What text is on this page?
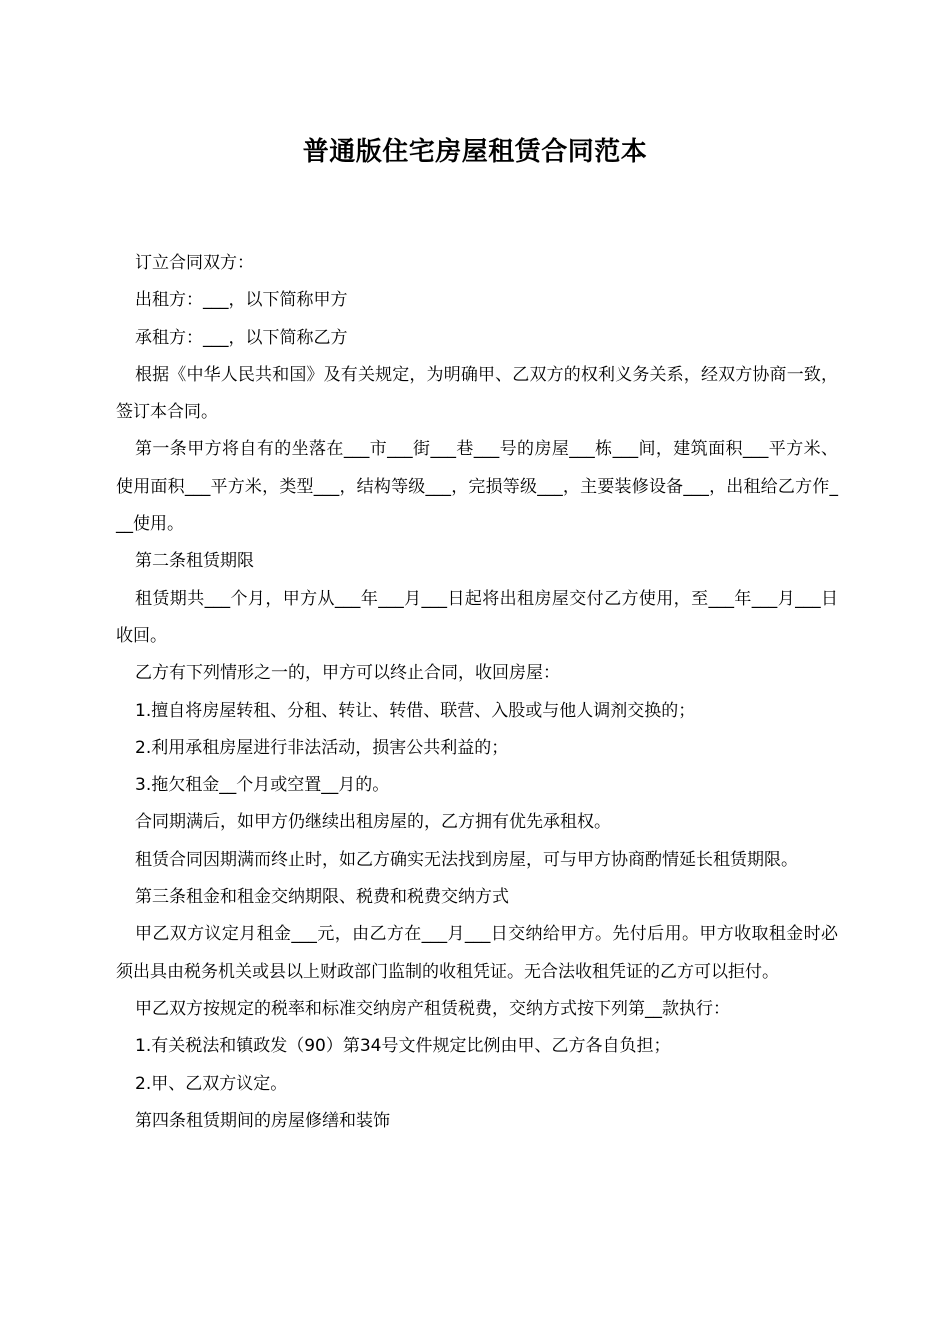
普通版住宅房屋租赁合同范本

订立合同双方：

出租方：___，以下简称甲方

承租方：___，以下简称乙方

根据《中华人民共和国》及有关规定，为明确甲、乙双方的权利义务关系，经双方协商一致，签订本合同。

第一条甲方将自有的坐落在___市___街___巷___号的房屋___栋___间，建筑面积___平方米、使用面积___平方米，类型___，结构等级___，完损等级___，主要装修设备___，出租给乙方作___使用。

第二条租赁期限

租赁期共___个月，甲方从___年___月___日起将出租房屋交付乙方使用，至___年___月___日收回。

乙方有下列情形之一的，甲方可以终止合同，收回房屋：

1.擅自将房屋转租、分租、转让、转借、联营、入股或与他人调剂交换的；

2.利用承租房屋进行非法活动，损害公共利益的；

3.拖欠租金__个月或空置__月的。

合同期满后，如甲方仍继续出租房屋的，乙方拥有优先承租权。

租赁合同因期满而终止时，如乙方确实无法找到房屋，可与甲方协商酌情延长租赁期限。

第三条租金和租金交纳期限、税费和税费交纳方式

甲乙双方议定月租金___元，由乙方在___月___日交纳给甲方。先付后用。甲方收取租金时必须出具由税务机关或县以上财政部门监制的收租凭证。无合法收租凭证的乙方可以拒付。

甲乙双方按规定的税率和标准交纳房产租赁税费，交纳方式按下列第__款执行：

1.有关税法和镇政发（90）第34号文件规定比例由甲、乙方各自负担；

2.甲、乙双方议定。

第四条租赁期间的房屋修缮和装饰
